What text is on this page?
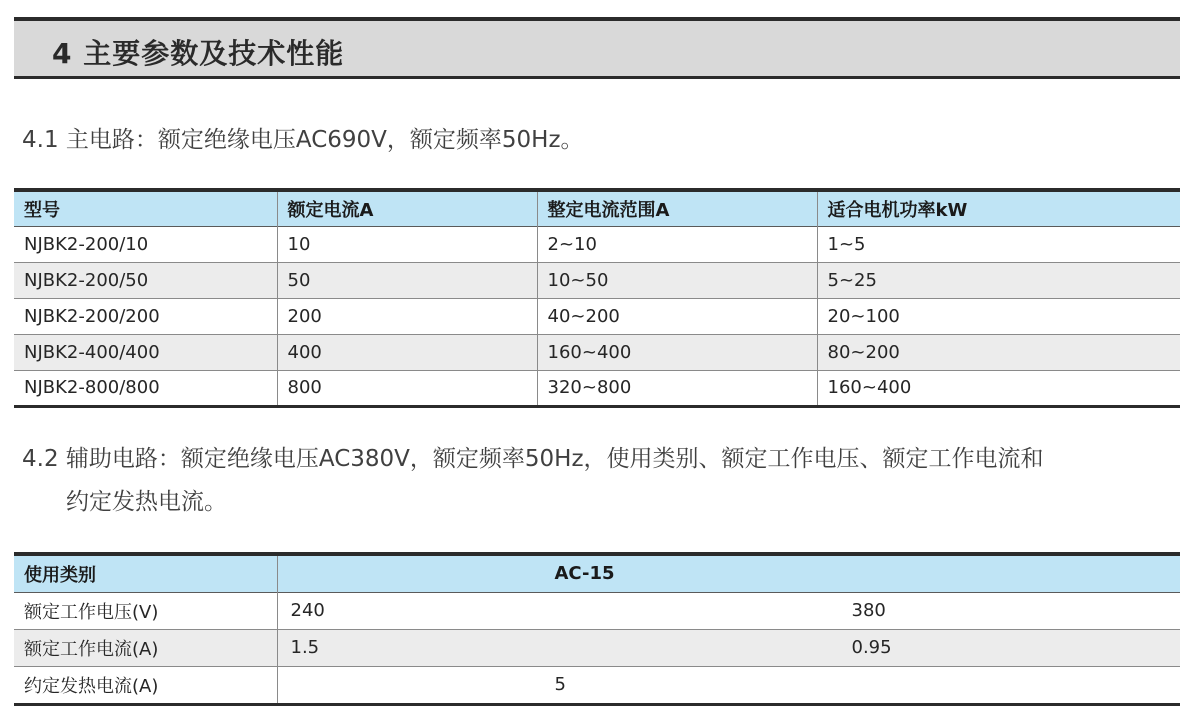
4 主要参数及技术性能
4.1 主电路：额定绝缘电压AC690V，额定频率50Hz。
型号	额定电流A	整定电流范围A	适合电机功率kW
NJBK2-200/10	10	2~10	1~5
NJBK2-200/50	50	10~50	5~25
NJBK2-200/200	200	40~200	20~100
NJBK2-400/400	400	160~400	80~200
NJBK2-800/800	800	320~800	160~400
4.2 辅助电路：额定绝缘电压AC380V，额定频率50Hz，使用类别、额定工作电压、额定工作电流和
约定发热电流。
使用类别	AC-15

额定工作电压(V)	240 380

额定工作电流(A)	1.5 0.95

约定发热电流(A)	5
